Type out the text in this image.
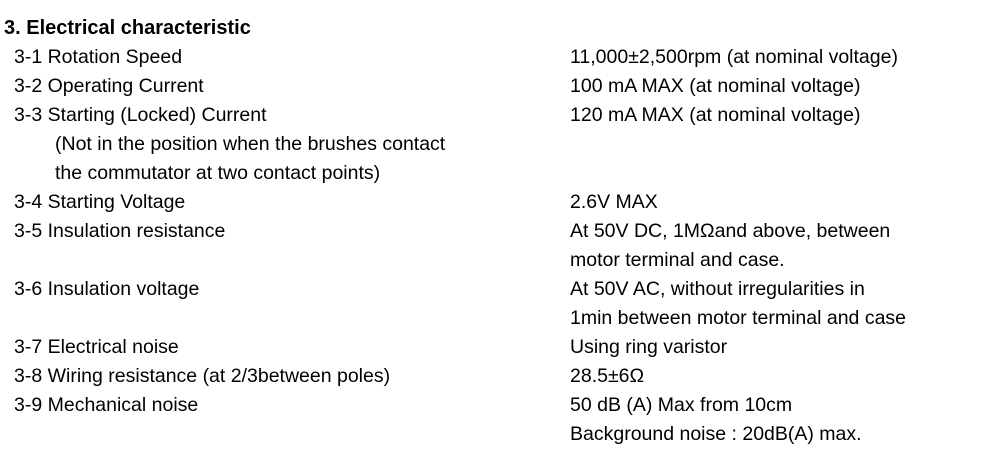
3. Electrical characteristic
3-1 Rotation Speed	11,000±2,500rpm (at nominal voltage)
3-2 Operating Current	100 mA MAX (at nominal voltage)
3-3 Starting (Locked) Current	120 mA MAX (at nominal voltage)
(Not in the position when the brushes contact
the commutator at two contact points)
3-4 Starting Voltage	2.6V MAX
3-5 Insulation resistance	At 50V DC, 1MΩand above, between
motor terminal and case.
3-6 Insulation voltage	At 50V AC, without irregularities in
1min between motor terminal and case
3-7 Electrical noise	Using ring varistor
3-8 Wiring resistance (at 2/3between poles)	28.5±6Ω
3-9 Mechanical noise	50 dB (A) Max from 10cm
Background noise : 20dB(A) max.
